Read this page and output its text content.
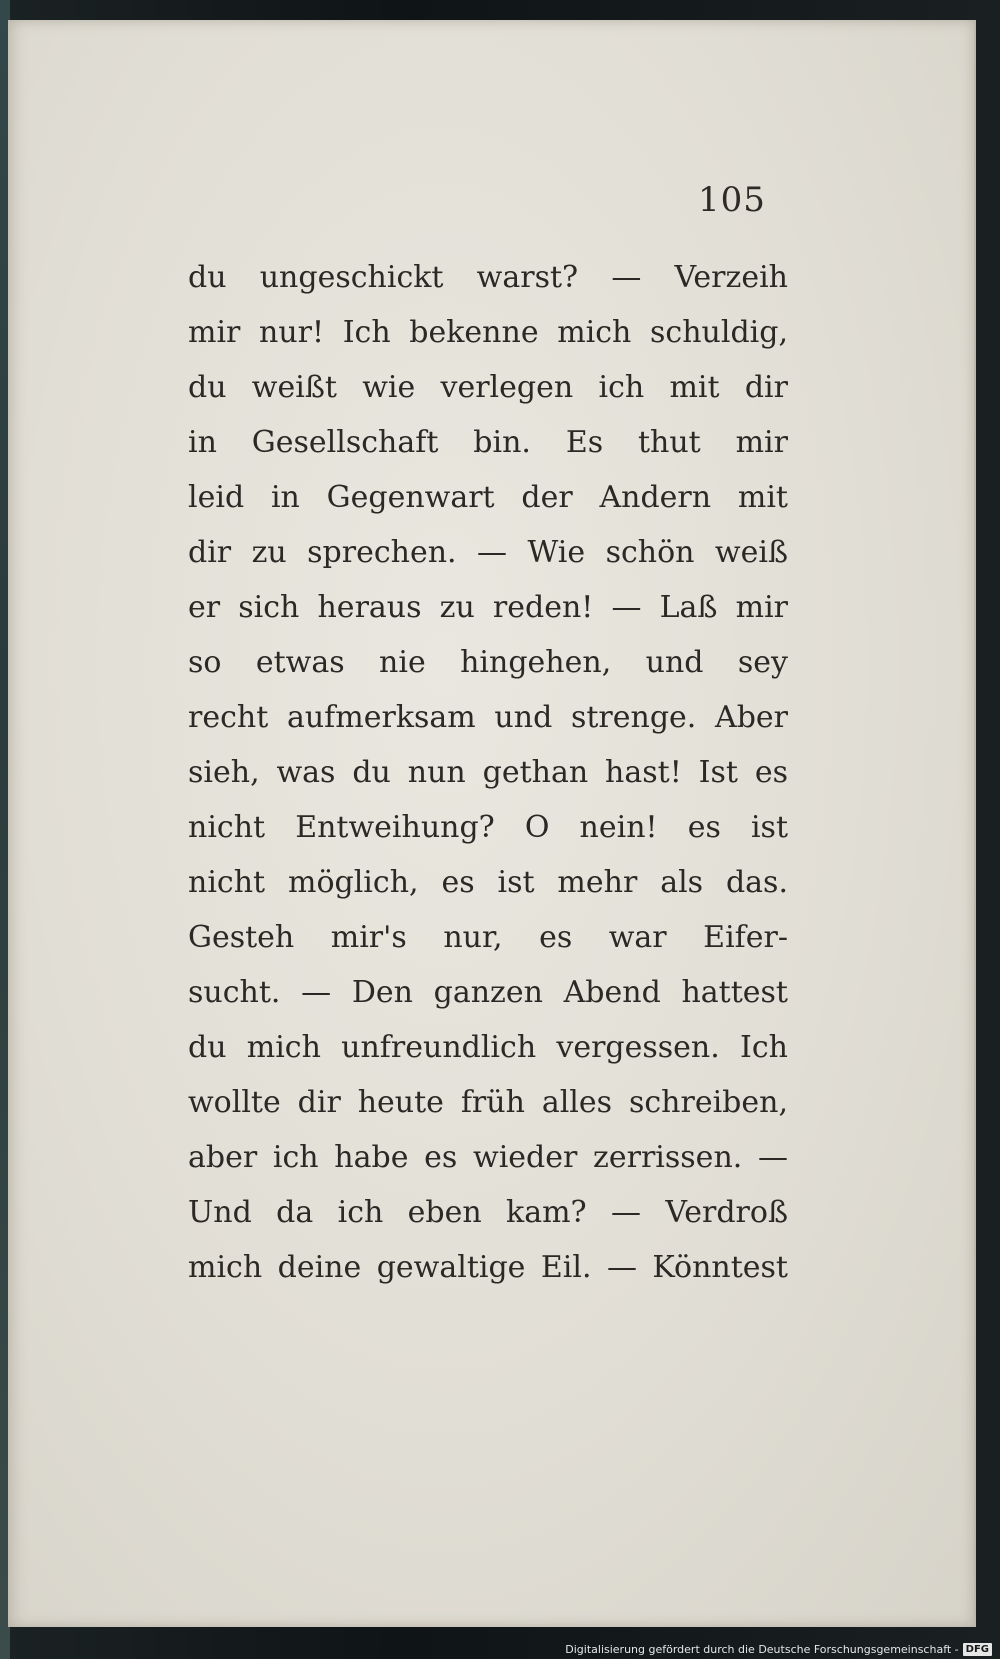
105
du ungeschickt warst? — Verzeih
mir nur! Ich bekenne mich schuldig,
du weißt wie verlegen ich mit dir
in Gesellschaft bin. Es thut mir
leid in Gegenwart der Andern mit
dir zu sprechen. — Wie schön weiß
er sich heraus zu reden! — Laß mir
so etwas nie hingehen, und sey
recht aufmerksam und strenge. Aber
sieh, was du nun gethan hast! Ist es
nicht Entweihung? O nein! es ist
nicht möglich, es ist mehr als das.
Gesteh mir's nur, es war Eifer-
sucht. — Den ganzen Abend hattest
du mich unfreundlich vergessen. Ich
wollte dir heute früh alles schreiben,
aber ich habe es wieder zerrissen. —
Und da ich eben kam? — Verdroß
mich deine gewaltige Eil. — Könntest
Digitalisierung gefördert durch die Deutsche Forschungsgemeinschaft - DFG
